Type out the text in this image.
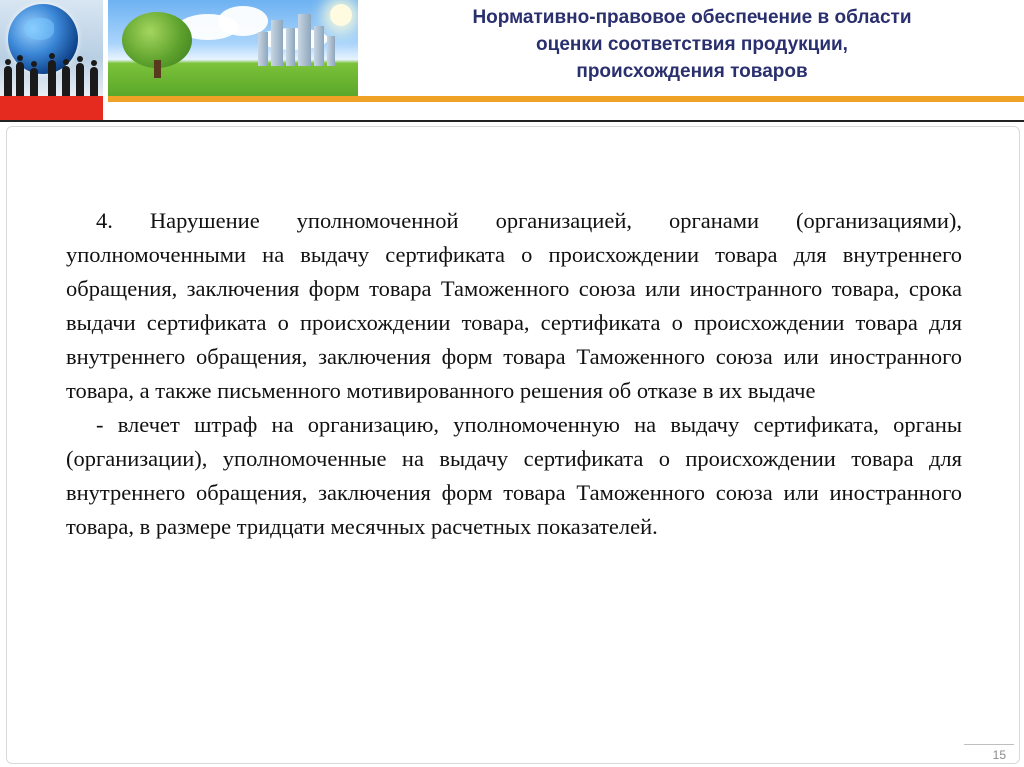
Нормативно-правовое обеспечение в области
оценки соответствия продукции,
происхождения товаров

4. Нарушение уполномоченной организацией, органами (организациями), уполномоченными на выдачу сертификата о происхождении товара для внутреннего обращения, заключения форм товара Таможенного союза или иностранного товара, срока выдачи сертификата о происхождении товара, сертификата о происхождении товара для внутреннего обращения, заключения форм товара Таможенного союза или иностранного товара, а также письменного мотивированного решения об отказе в их выдаче

- влечет штраф на организацию, уполномоченную на выдачу сертификата, органы (организации), уполномоченные на выдачу сертификата о происхождении товара для внутреннего обращения, заключения форм товара Таможенного союза или иностранного товара, в размере тридцати месячных расчетных показателей.

15
